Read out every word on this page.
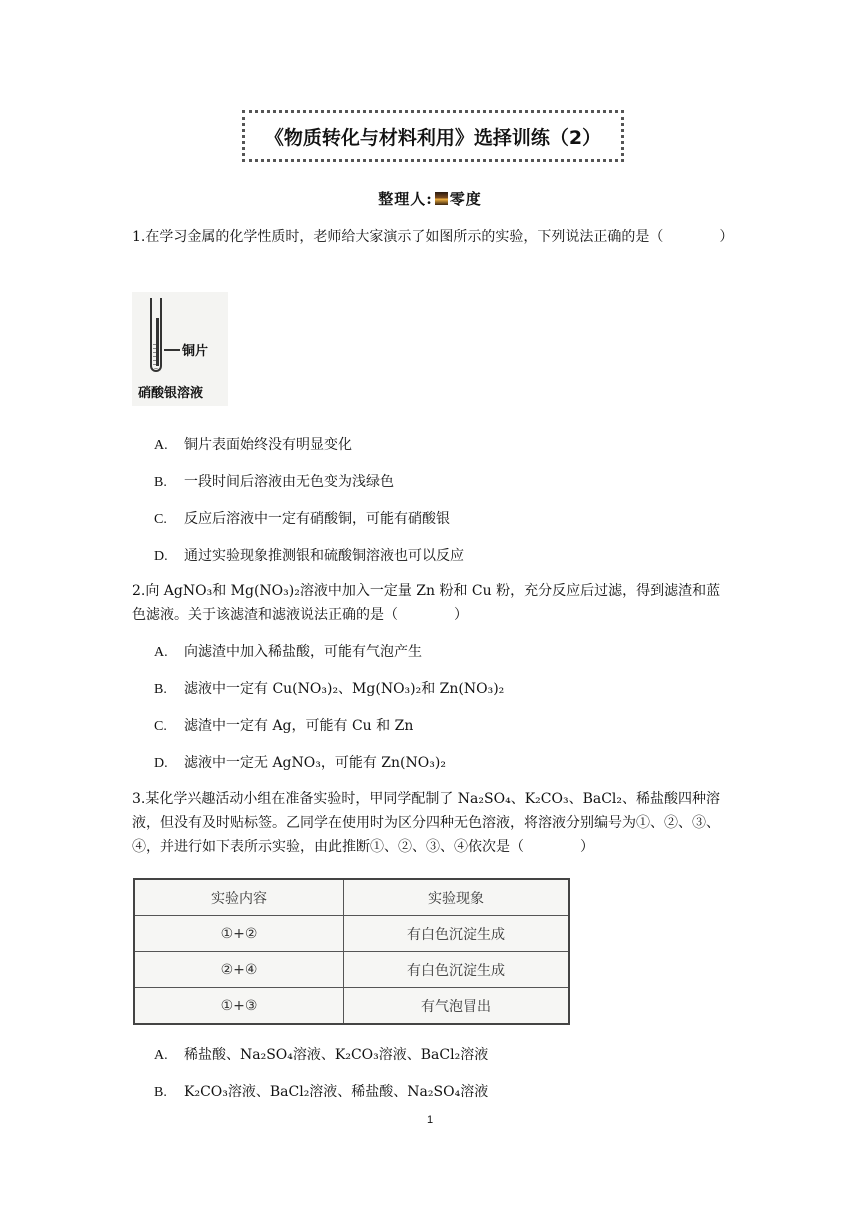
《物质转化与材料利用》选择训练（2）
整理人: 零度
1.在学习金属的化学性质时，老师给大家演示了如图所示的实验，下列说法正确的是（　　　　）
铜片
硝酸银溶液
A. 铜片表面始终没有明显变化
B. 一段时间后溶液由无色变为浅绿色
C. 反应后溶液中一定有硝酸铜，可能有硝酸银
D. 通过实验现象推测银和硫酸铜溶液也可以反应
2.向 AgNO₃和 Mg(NO₃)₂溶液中加入一定量 Zn 粉和 Cu 粉，充分反应后过滤，得到滤渣和蓝色滤液。关于该滤渣和滤液说法正确的是（　　　　）
A. 向滤渣中加入稀盐酸，可能有气泡产生
B. 滤液中一定有 Cu(NO₃)₂、Mg(NO₃)₂和 Zn(NO₃)₂
C. 滤渣中一定有 Ag，可能有 Cu 和 Zn
D. 滤液中一定无 AgNO₃，可能有 Zn(NO₃)₂
3.某化学兴趣活动小组在准备实验时，甲同学配制了 Na₂SO₄、K₂CO₃、BaCl₂、稀盐酸四种溶液，但没有及时贴标签。乙同学在使用时为区分四种无色溶液，将溶液分别编号为①、②、③、④，并进行如下表所示实验，由此推断①、②、③、④依次是（　　　　）
实验内容	实验现象
①+②	有白色沉淀生成
②+④	有白色沉淀生成
①+③	有气泡冒出
A. 稀盐酸、Na₂SO₄溶液、K₂CO₃溶液、BaCl₂溶液
B. K₂CO₃溶液、BaCl₂溶液、稀盐酸、Na₂SO₄溶液
1
